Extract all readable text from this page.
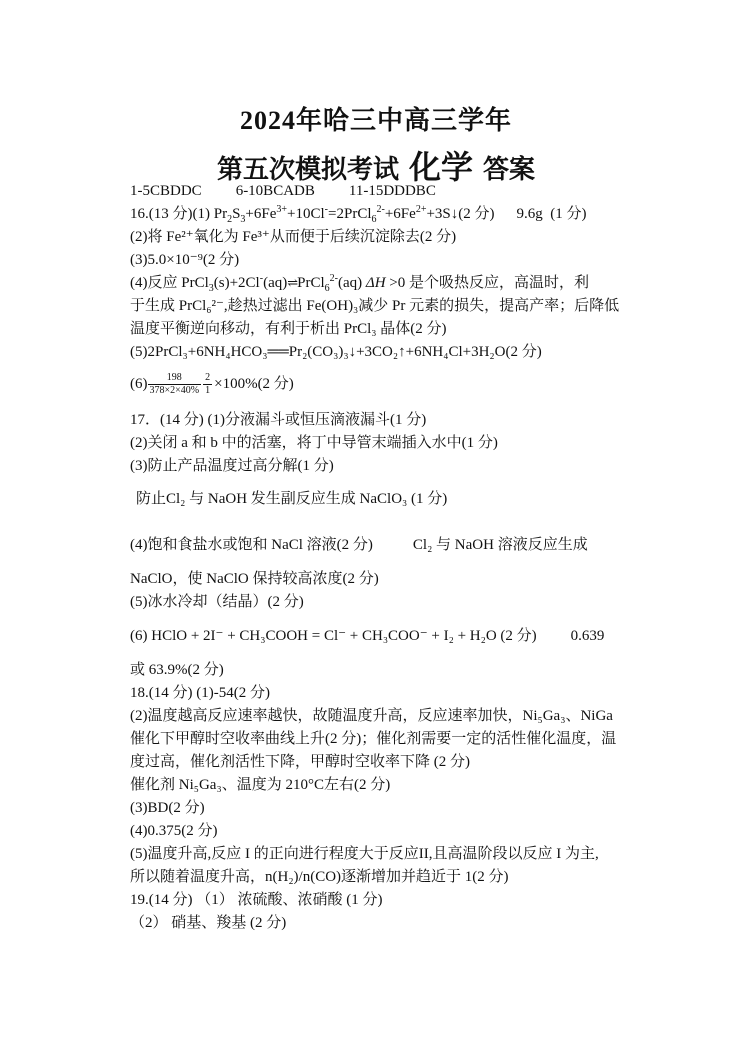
2024年哈三中高三学年
第五次模拟考试 化学 答案
1-5CBDDC 6-10BCADB 11-15DDDBC
16.(13 分)(1) $Pr_2S_3+6Fe^{3+}+10Cl^-=2PrCl_6^{2-}+6Fe^{2+}+3S↓(2$ 分) 9.6g (1 分)
(2)将 Fe²⁺氧化为 Fe³⁺从而便于后续沉淀除去(2 分)
(3)5.0×10⁻⁹(2 分)
(4)反应 PrCl$_3$(s)+2Cl-(aq)⇌PrCl$_6^{2-}$(aq) ΔH >0 是个吸热反应，高温时，利
于生成 PrCl₆²⁻,趁热过滤出 Fe(OH)₃减少 Pr 元素的损失，提高产率；后降低
温度平衡逆向移动，有利于析出 PrCl₃ 晶体(2 分)
(5)2PrCl₃+6NH₄HCO₃══Pr₂(CO₃)₃↓+3CO₂↑+6NH₄Cl+3H₂O(2 分)
$(6) \frac{198}{378\times 2\times 40\%} \frac{2}{1} \times 100\%(2$ 分)
17．(14 分) (1)分液漏斗或恒压滴液漏斗(1 分)
(2)关闭 a 和 b 中的活塞，将丁中导管末端插入水中(1 分)
(3)防止产品温度过高分解(1 分)
防止Cl₂ 与 NaOH 发生副反应生成 NaClO₃ (1 分)
(4)饱和食盐水或饱和 NaCl 溶液(2 分)	Cl₂ 与 NaOH 溶液反应生成
NaClO，使 NaClO 保持较高浓度(2 分)
(5)冰水冷却（结晶）(2 分)
(6) HClO + 2I⁻ + CH₃COOH = Cl⁻ + CH₃COO⁻ + I₂ + H₂O (2 分) 0.639
或 63.9%(2 分)
18.(14 分) (1)-54(2 分)
(2)温度越高反应速率越快，故随温度升高，反应速率加快，Ni₅Ga₃、NiGa
催化下甲醇时空收率曲线上升(2 分)；催化剂需要一定的活性催化温度，温
度过高，催化剂活性下降，甲醇时空收率下降 (2 分)
催化剂 Ni₅Ga₃、温度为 210°C左右(2 分)
(3)BD(2 分)
(4)0.375(2 分)
(5)温度升高,反应 I 的正向进行程度大于反应II,且高温阶段以反应 I 为主,
所以随着温度升高，n(H₂)/n(CO)逐渐增加并趋近于 1(2 分)
19.(14 分) （1） 浓硫酸、浓硝酸 (1 分)
（2） 硝基、羧基 (2 分)
